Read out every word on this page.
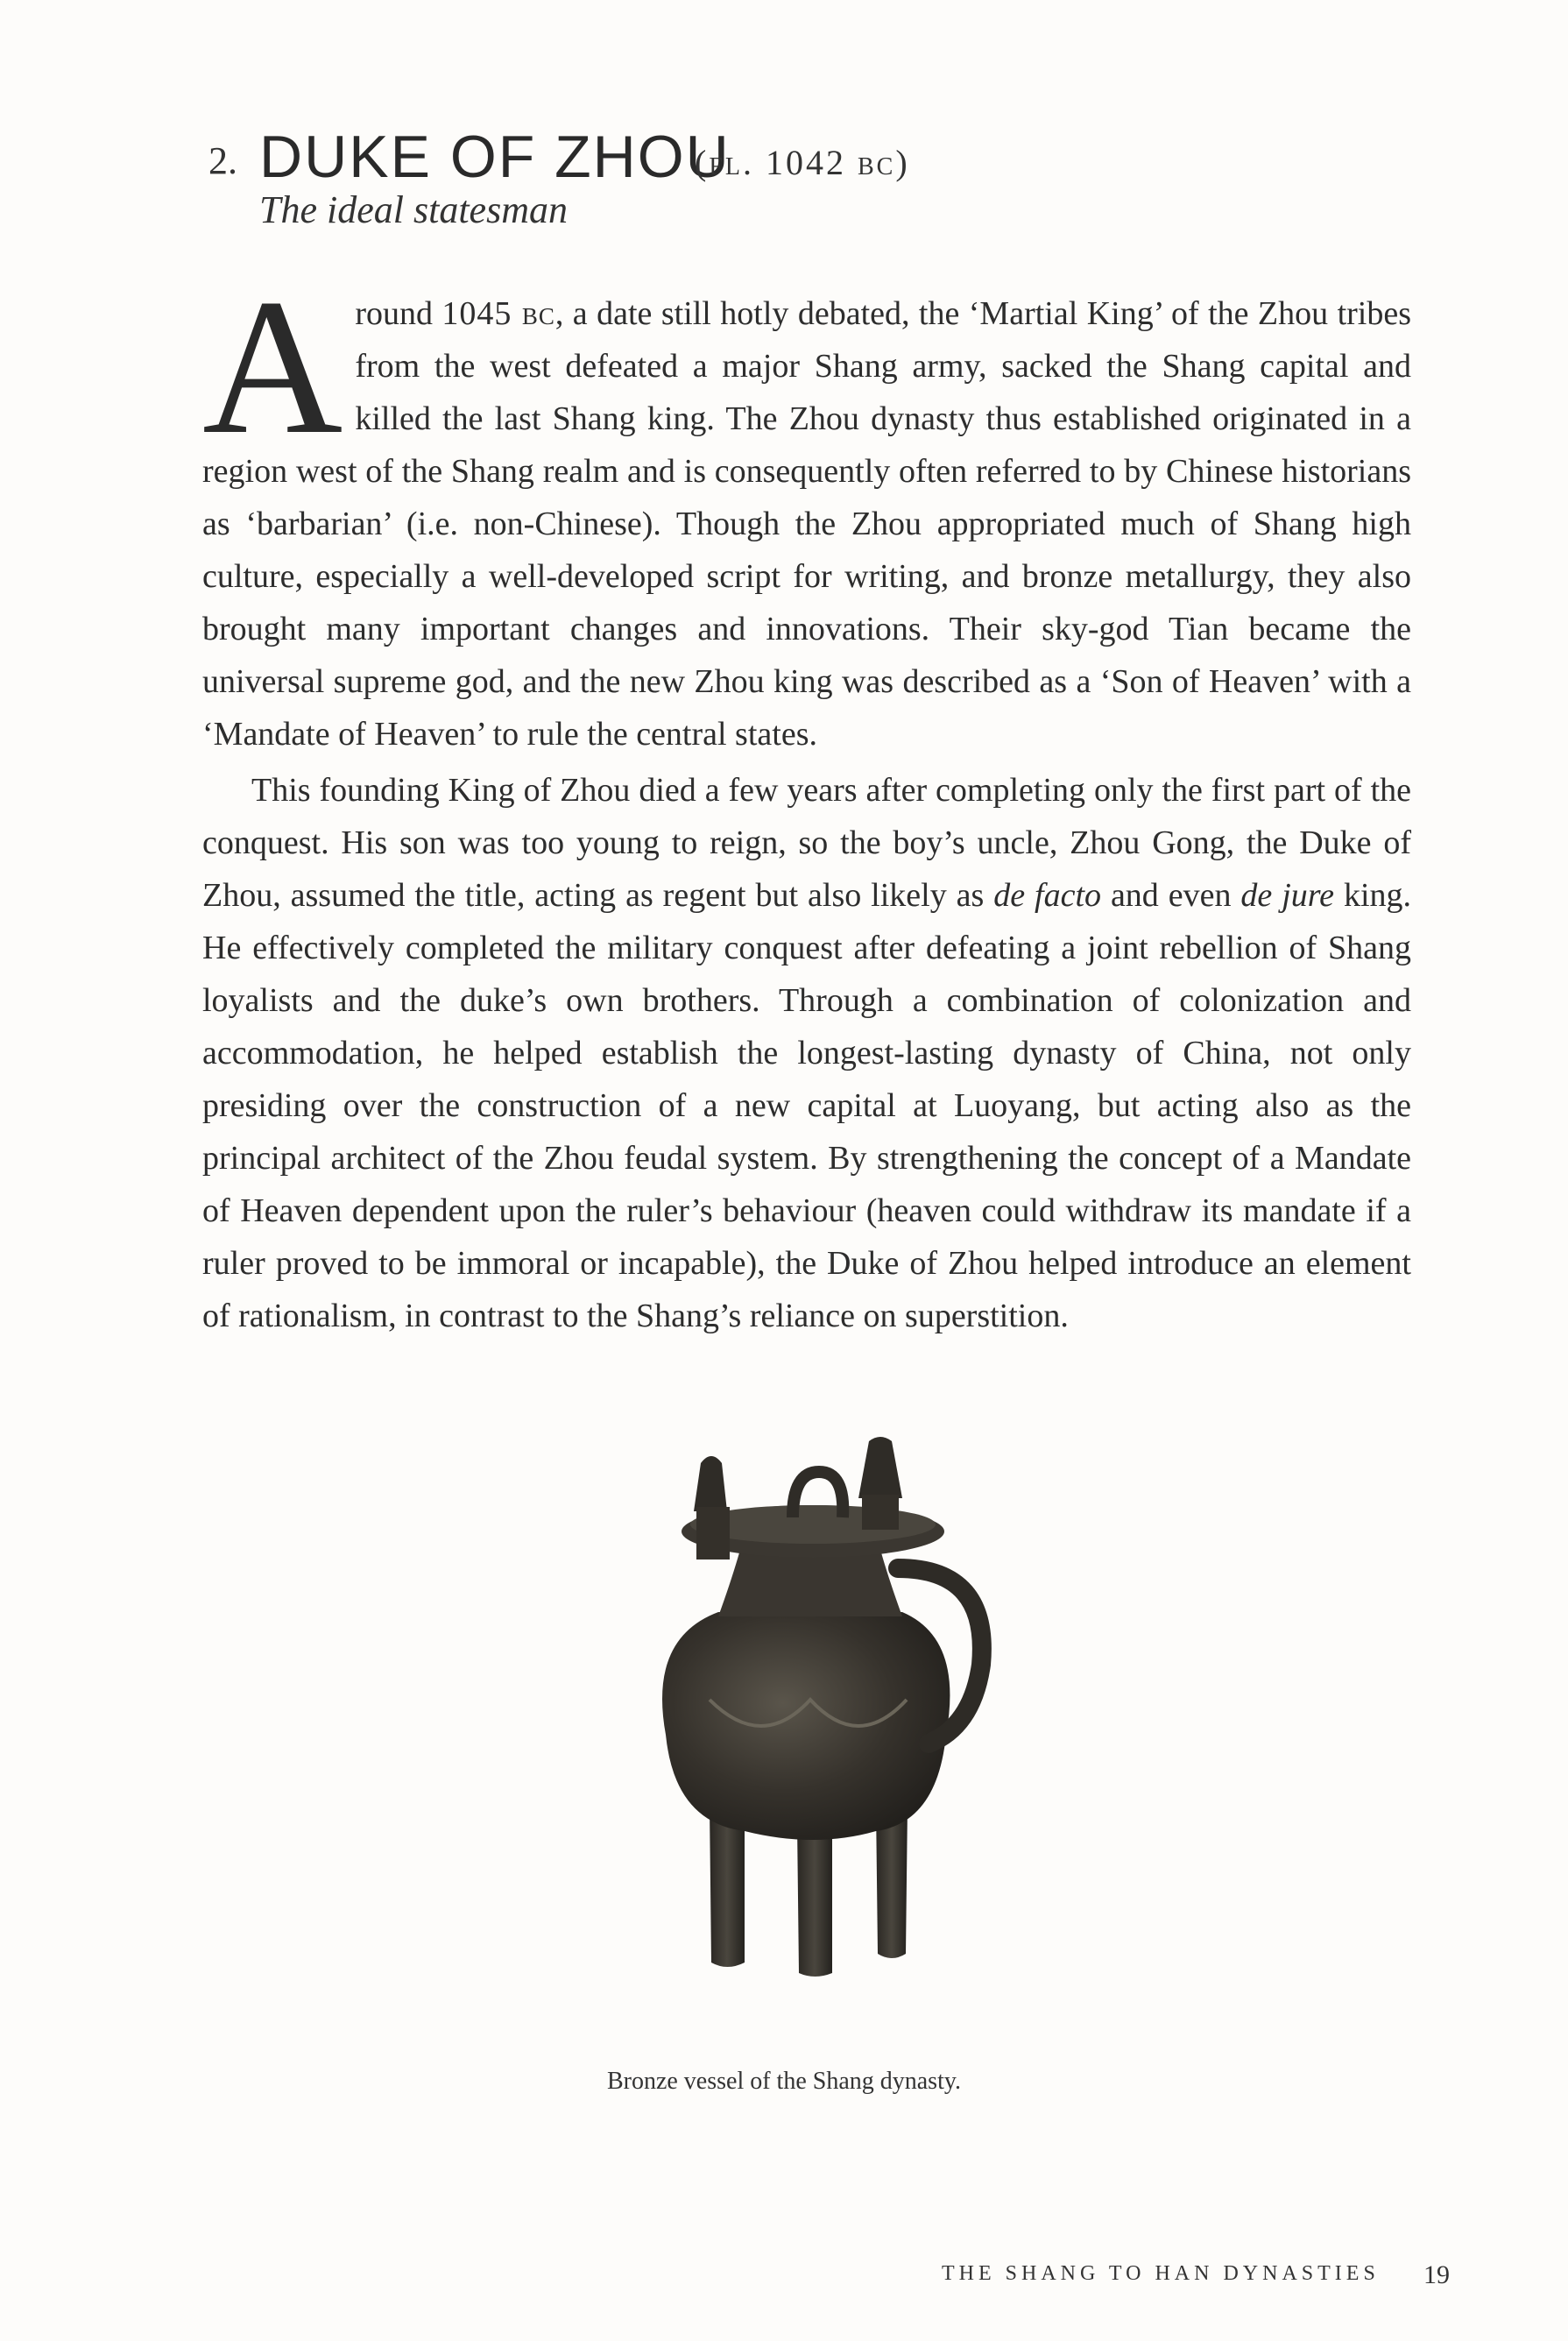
2. DUKE OF ZHOU
(fl. 1042 bc)
The ideal statesman

Around 1045 bc, a date still hotly debated, the ‘Martial King’ of the Zhou tribes from the west defeated a major Shang army, sacked the Shang capital and killed the last Shang king. The Zhou dynasty thus established originated in a region west of the Shang realm and is consequently often referred to by Chinese historians as ‘barbarian’ (i.e. non-Chinese). Though the Zhou appropriated much of Shang high culture, especially a well-developed script for writing, and bronze metallurgy, they also brought many important changes and innovations. Their sky-god Tian became the universal supreme god, and the new Zhou king was described as a ‘Son of Heaven’ with a ‘Mandate of Heaven’ to rule the central states.

This founding King of Zhou died a few years after completing only the first part of the conquest. His son was too young to reign, so the boy’s uncle, Zhou Gong, the Duke of Zhou, assumed the title, acting as regent but also likely as de facto and even de jure king. He effectively completed the military conquest after defeating a joint rebellion of Shang loyalists and the duke’s own brothers. Through a combination of colonization and accommodation, he helped establish the longest-lasting dynasty of China, not only presiding over the construction of a new capital at Luoyang, but acting also as the principal architect of the Zhou feudal system. By strengthening the concept of a Mandate of Heaven dependent upon the ruler’s behaviour (heaven could withdraw its mandate if a ruler proved to be immoral or incapable), the Duke of Zhou helped introduce an element of rationalism, in contrast to the Shang’s reliance on superstition.

Bronze vessel of the Shang dynasty.
THE SHANG TO HAN DYNASTIES 19
